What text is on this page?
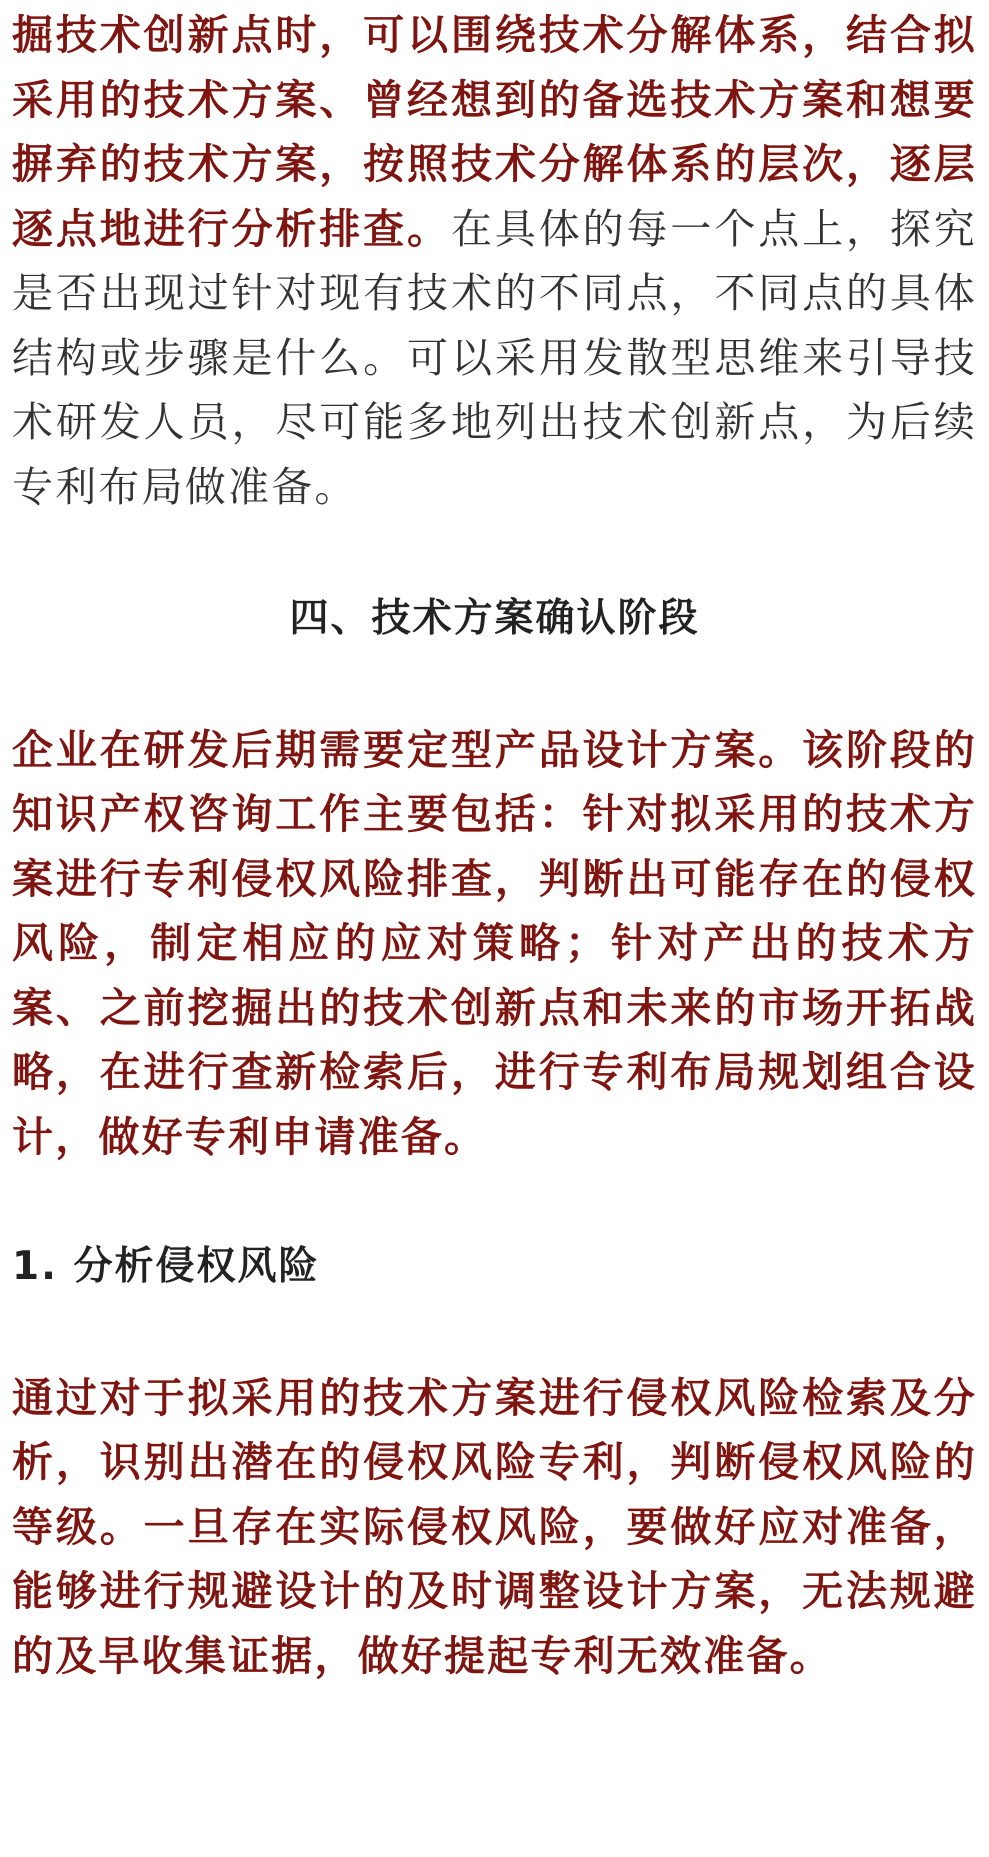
掘技术创新点时，可以围绕技术分解体系，结合拟采用的技术方案、曾经想到的备选技术方案和想要摒弃的技术方案，按照技术分解体系的层次，逐层逐点地进行分析排查。在具体的每一个点上，探究是否出现过针对现有技术的不同点，不同点的具体结构或步骤是什么。可以采用发散型思维来引导技术研发人员，尽可能多地列出技术创新点，为后续专利布局做准备。

四、技术方案确认阶段

企业在研发后期需要定型产品设计方案。该阶段的知识产权咨询工作主要包括：针对拟采用的技术方案进行专利侵权风险排查，判断出可能存在的侵权风险，制定相应的应对策略；针对产出的技术方案、之前挖掘出的技术创新点和未来的市场开拓战略，在进行查新检索后，进行专利布局规划组合设计，做好专利申请准备。

1. 分析侵权风险

通过对于拟采用的技术方案进行侵权风险检索及分析，识别出潜在的侵权风险专利，判断侵权风险的等级。一旦存在实际侵权风险，要做好应对准备，能够进行规避设计的及时调整设计方案，无法规避的及早收集证据，做好提起专利无效准备。
